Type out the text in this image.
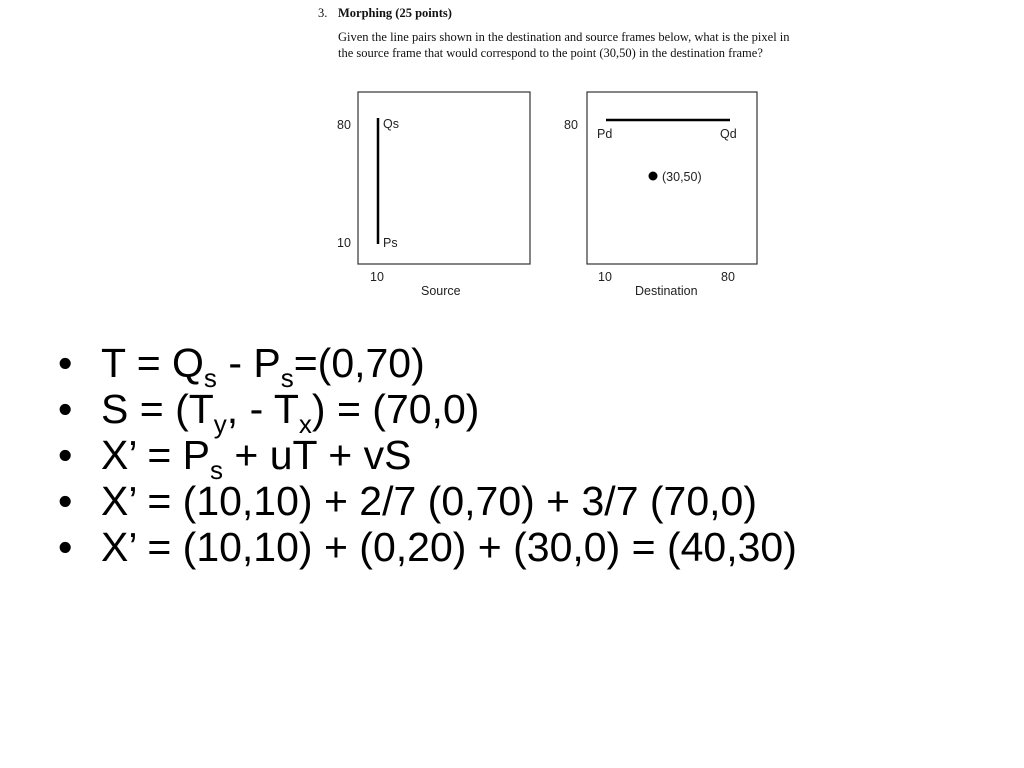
3. Morphing (25 points)
Given the line pairs shown in the destination and source frames below, what is the pixel in the source frame that would correspond to the point (30,50) in the destination frame?
80
10
10
Qs
Ps
Source
80
Pd	Qd
(30,50)
10	80
Destination
• $T = Q_s - P_s=(0,70)$
• $S = (T_y$, - $T_x) = (70,0)$
• X’ = $P_s$ + uT + vS
• X’ = (10,10) + 2/7 (0,70) + 3/7 (70,0)
• X’ = (10,10) + (0,20) + (30,0) = (40,30)
